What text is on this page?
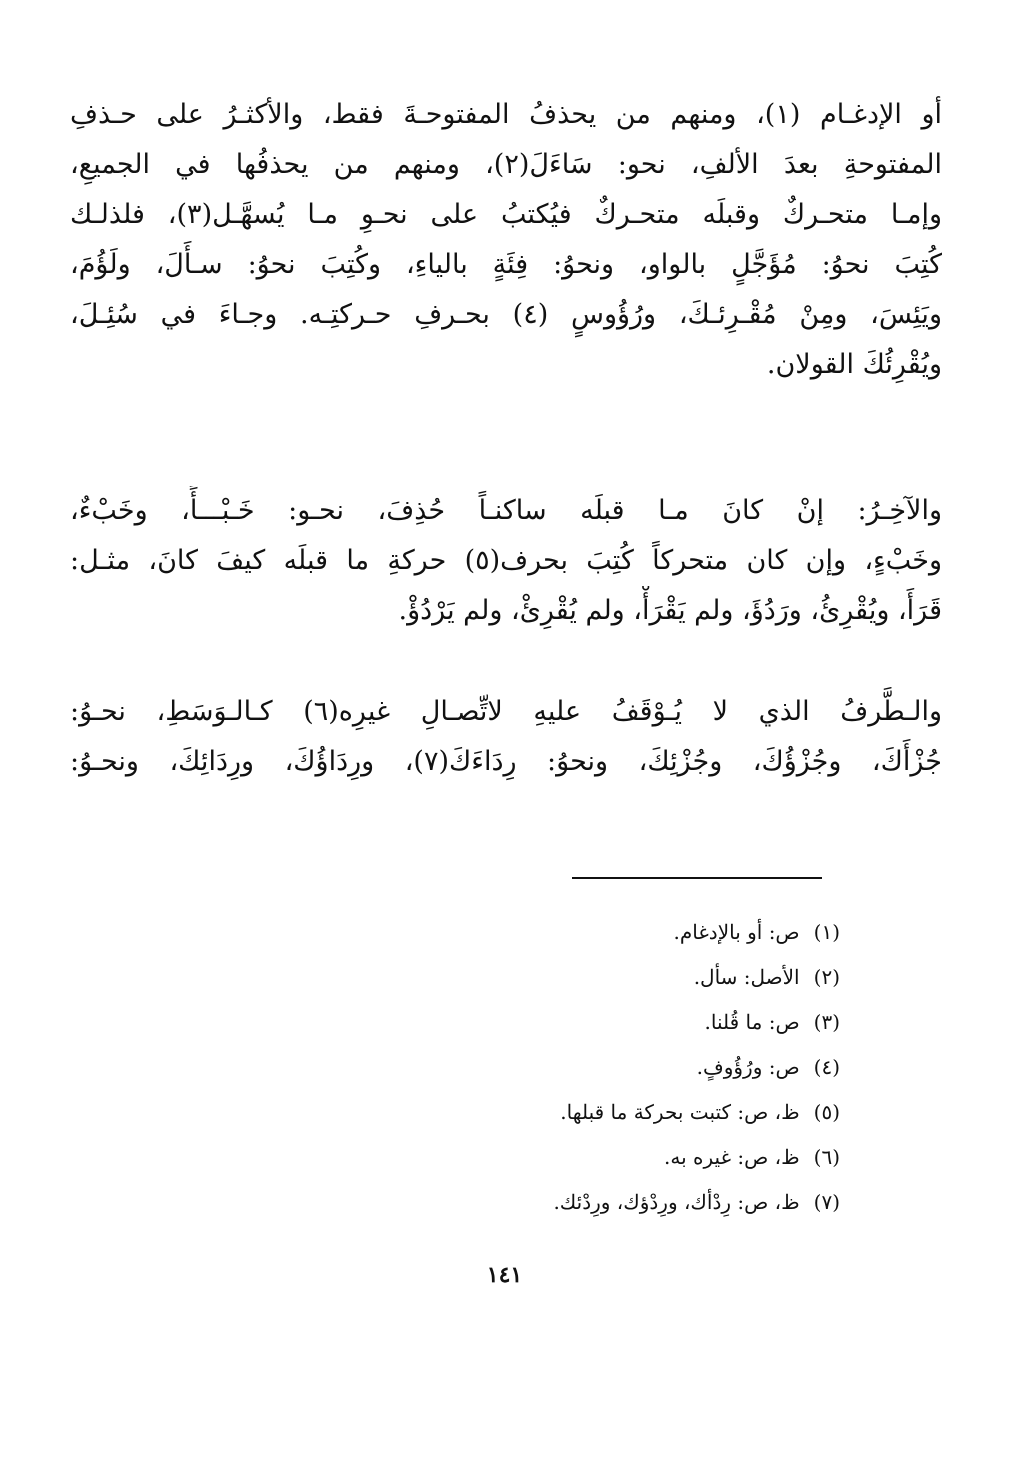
أو الإدغـام (١)، ومنهم من يحذفُ المفتوحـةَ فقط، والأكثـرُ على حـذفِ
المفتوحةِ بعدَ الألفِ، نحو: سَاءَلَ(٢)، ومنهم من يحذفُها في الجميعِ،
وإمـا متحـركٌ وقبلَه متحـركٌ فيُكتبُ على نحـوِ مـا يُسهَّـل(٣)، فلذلـك
كُتِبَ نحوُ: مُؤَجَّلٍ بالواو، ونحوُ: فِئَةٍ بالياءِ، وكُتِبَ نحوُ: سـأَلَ، ولَؤُمَ،
ويَئِسَ، ومِنْ مُقْـرِئـكَ، ورُؤُوسٍ (٤) بحـرفِ حـركتِـه. وجـاءَ في سُئِـلَ،
ويُقْرِئُكَ القولان.
والآخِـرُ: إنْ كانَ مـا قبلَه ساكنـاً حُذِفَ، نحـو: خَـبْـــأً، وخَبْءٌ،
وخَبْءٍ، وإن كان متحركاً كُتِبَ بحرف(٥) حركةِ ما قبلَه كيفَ كانَ، مثـل:
قَرَأَ، ويُقْرِئُ، ورَدُؤَ، ولم يَقْرَأْ، ولم يُقْرِئْ، ولم يَرْدُؤْ.
والـطَّرفُ الذي لا يُـوْقَفُ عليهِ لاتِّصـالِ غيرِه(٦) كـالـوَسَطِ، نحـوُ:
جُزْأَكَ، وجُزْؤُكَ، وجُزْئِكَ، ونحوُ: رِدَاءَكَ(٧)، ورِدَاؤُكَ، ورِدَائِكَ، ونحـوُ:
(١)ص: أو بالإدغام.
(٢)الأصل: سأل.
(٣)ص: ما قُلنا.
(٤)ص: ورُؤُوفٍ.
(٥)ظ، ص: كتبت بحركة ما قبلها.
(٦)ظ، ص: غيره به.
(٧)ظ، ص: رِدْأك، ورِدْؤك، ورِدْئك.
١٤١
